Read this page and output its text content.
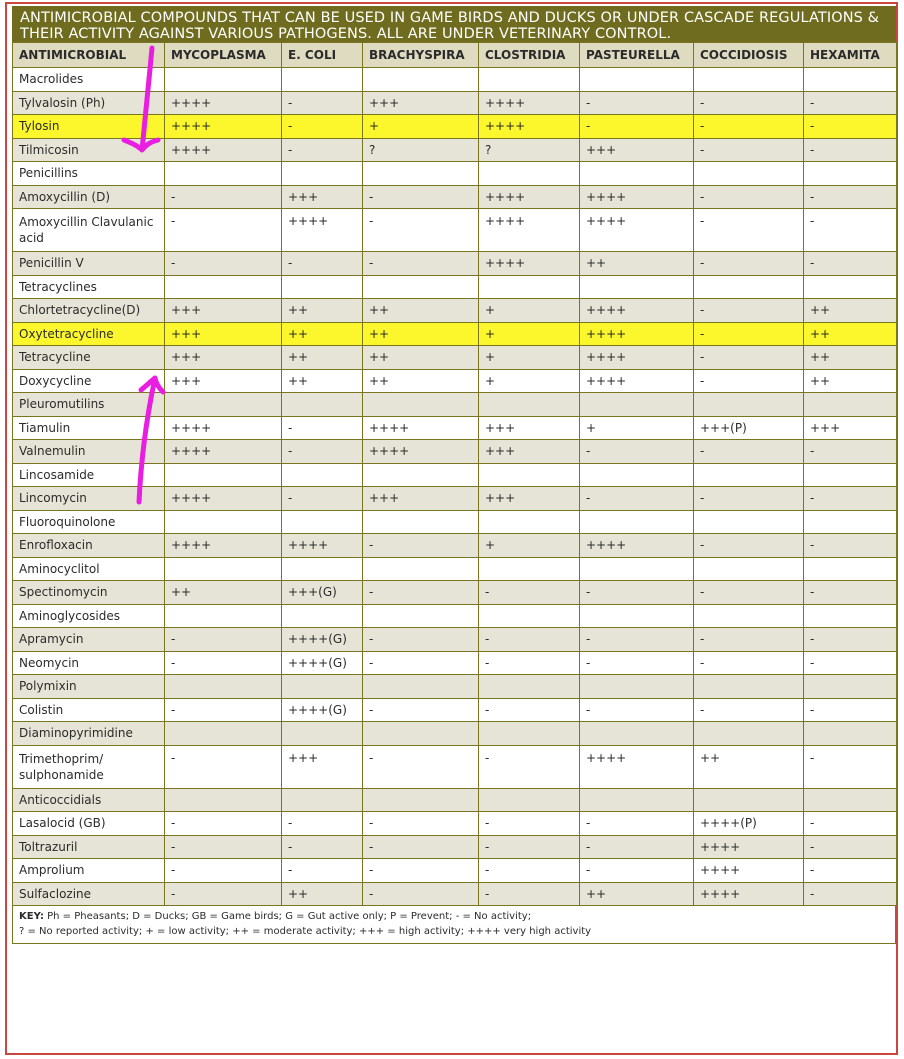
ANTIMICROBIAL COMPOUNDS THAT CAN BE USED IN GAME BIRDS AND DUCKS OR UNDER CASCADE REGULATIONS & THEIR ACTIVITY AGAINST VARIOUS PATHOGENS. ALL ARE UNDER VETERINARY CONTROL.
ANTIMICROBIAL	MYCOPLASMA	E. COLI	BRACHYSPIRA	CLOSTRIDIA	PASTEURELLA	COCCIDIOSIS	HEXAMITA
Macrolides							
Tylvalosin (Ph)	++++	-	+++	++++	-	-	-
Tylosin	++++	-	+	++++	-	-	-
Tilmicosin	++++	-	?	?	+++	-	-
Penicillins							
Amoxycillin (D)	-	+++	-	++++	++++	-	-
Amoxycillin Clavulanic acid	-	++++	-	++++	++++	-	-
Penicillin V	-	-	-	++++	++	-	-
Tetracyclines							
Chlortetracycline(D)	+++	++	++	+	++++	-	++
Oxytetracycline	+++	++	++	+	++++	-	++
Tetracycline	+++	++	++	+	++++	-	++
Doxycycline	+++	++	++	+	++++	-	++
Pleuromutilins							
Tiamulin	++++	-	++++	+++	+	+++(P)	+++
Valnemulin	++++	-	++++	+++	-	-	-
Lincosamide							
Lincomycin	++++	-	+++	+++	-	-	-
Fluoroquinolone							
Enrofloxacin	++++	++++	-	+	++++	-	-
Aminocyclitol							
Spectinomycin	++	+++(G)	-	-	-	-	-
Aminoglycosides							
Apramycin	-	++++(G)	-	-	-	-	-
Neomycin	-	++++(G)	-	-	-	-	-
Polymixin							
Colistin	-	++++(G)	-	-	-	-	-
Diaminopyrimidine							
Trimethoprim/ sulphonamide	-	+++	-	-	++++	++	-
Anticoccidials							
Lasalocid (GB)	-	-	-	-	-	++++(P)	-
Toltrazuril	-	-	-	-	-	++++	-
Amprolium	-	-	-	-	-	++++	-
Sulfaclozine	-	++	-	-	++	++++	-
KEY: Ph = Pheasants; D = Ducks; GB = Game birds; G = Gut active only; P = Prevent; - = No activity;
? = No reported activity; + = low activity; ++ = moderate activity; +++ = high activity; ++++ very high activity
